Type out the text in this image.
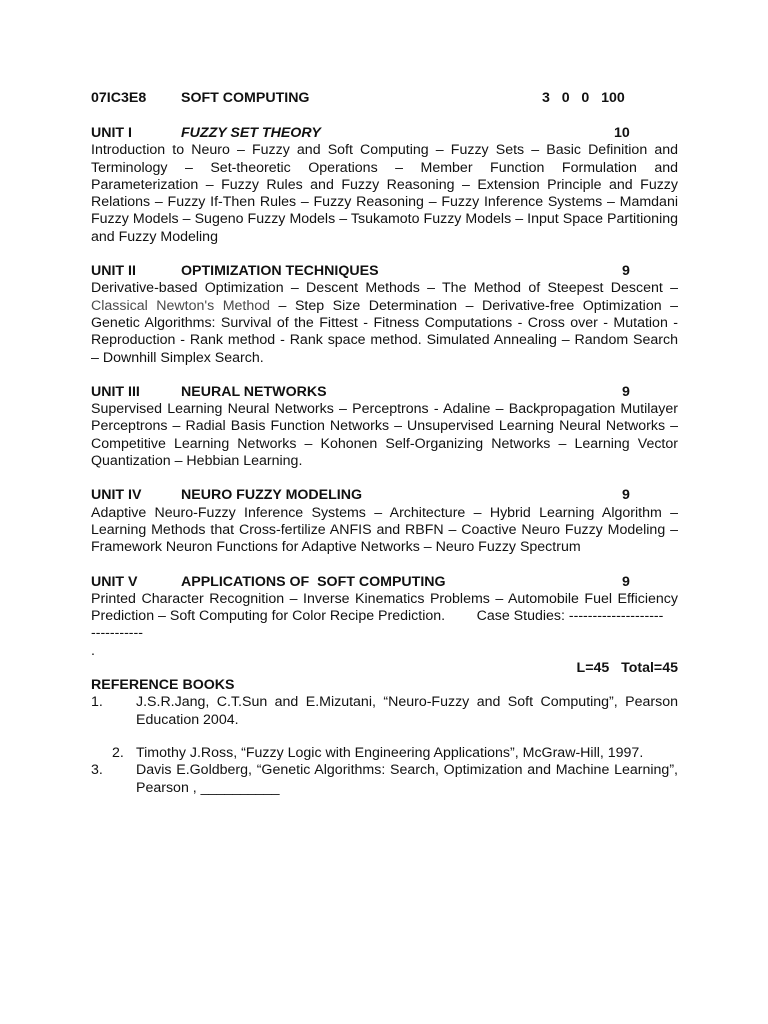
07IC3E8 SOFT COMPUTING	3   0   0   100
UNIT I	FUZZY SET THEORY	10

Introduction to Neuro – Fuzzy and Soft Computing – Fuzzy Sets – Basic Definition and Terminology – Set-theoretic Operations – Member Function Formulation and Parameterization – Fuzzy Rules and Fuzzy Reasoning – Extension Principle and Fuzzy Relations – Fuzzy If-Then Rules – Fuzzy Reasoning – Fuzzy Inference Systems – Mamdani Fuzzy Models – Sugeno Fuzzy Models – Tsukamoto Fuzzy Models – Input Space Partitioning and Fuzzy Modeling

UNIT II	OPTIMIZATION TECHNIQUES	9

Derivative-based Optimization – Descent Methods – The Method of Steepest Descent – Classical Newton's Method – Step Size Determination – Derivative-free Optimization – Genetic Algorithms: Survival of the Fittest - Fitness Computations - Cross over - Mutation - Reproduction - Rank method - Rank space method. Simulated Annealing – Random Search – Downhill Simplex Search.

UNIT III	NEURAL NETWORKS	9

Supervised Learning Neural Networks – Perceptrons - Adaline – Backpropagation Mutilayer Perceptrons – Radial Basis Function Networks – Unsupervised Learning Neural Networks – Competitive Learning Networks – Kohonen Self-Organizing Networks – Learning Vector Quantization – Hebbian Learning.

UNIT IV	NEURO FUZZY MODELING	9

Adaptive Neuro-Fuzzy Inference Systems – Architecture – Hybrid Learning Algorithm – Learning Methods that Cross-fertilize ANFIS and RBFN – Coactive Neuro Fuzzy Modeling – Framework Neuron Functions for Adaptive Networks – Neuro Fuzzy Spectrum

UNIT V	APPLICATIONS OF  SOFT COMPUTING	9

Printed Character Recognition – Inverse Kinematics Problems – Automobile Fuel Efficiency Prediction – Soft Computing for Color Recipe Prediction.        Case Studies: --------------------

-----------

.

L=45   Total=45
REFERENCE BOOKS
1. J.S.R.Jang, C.T.Sun and E.Mizutani, “Neuro-Fuzzy and Soft Computing”, Pearson Education 2004.
2. Timothy J.Ross, “Fuzzy Logic with Engineering Applications”, McGraw-Hill, 1997.
3. Davis E.Goldberg, “Genetic Algorithms: Search, Optimization and Machine Learning”, Pearson , __________
